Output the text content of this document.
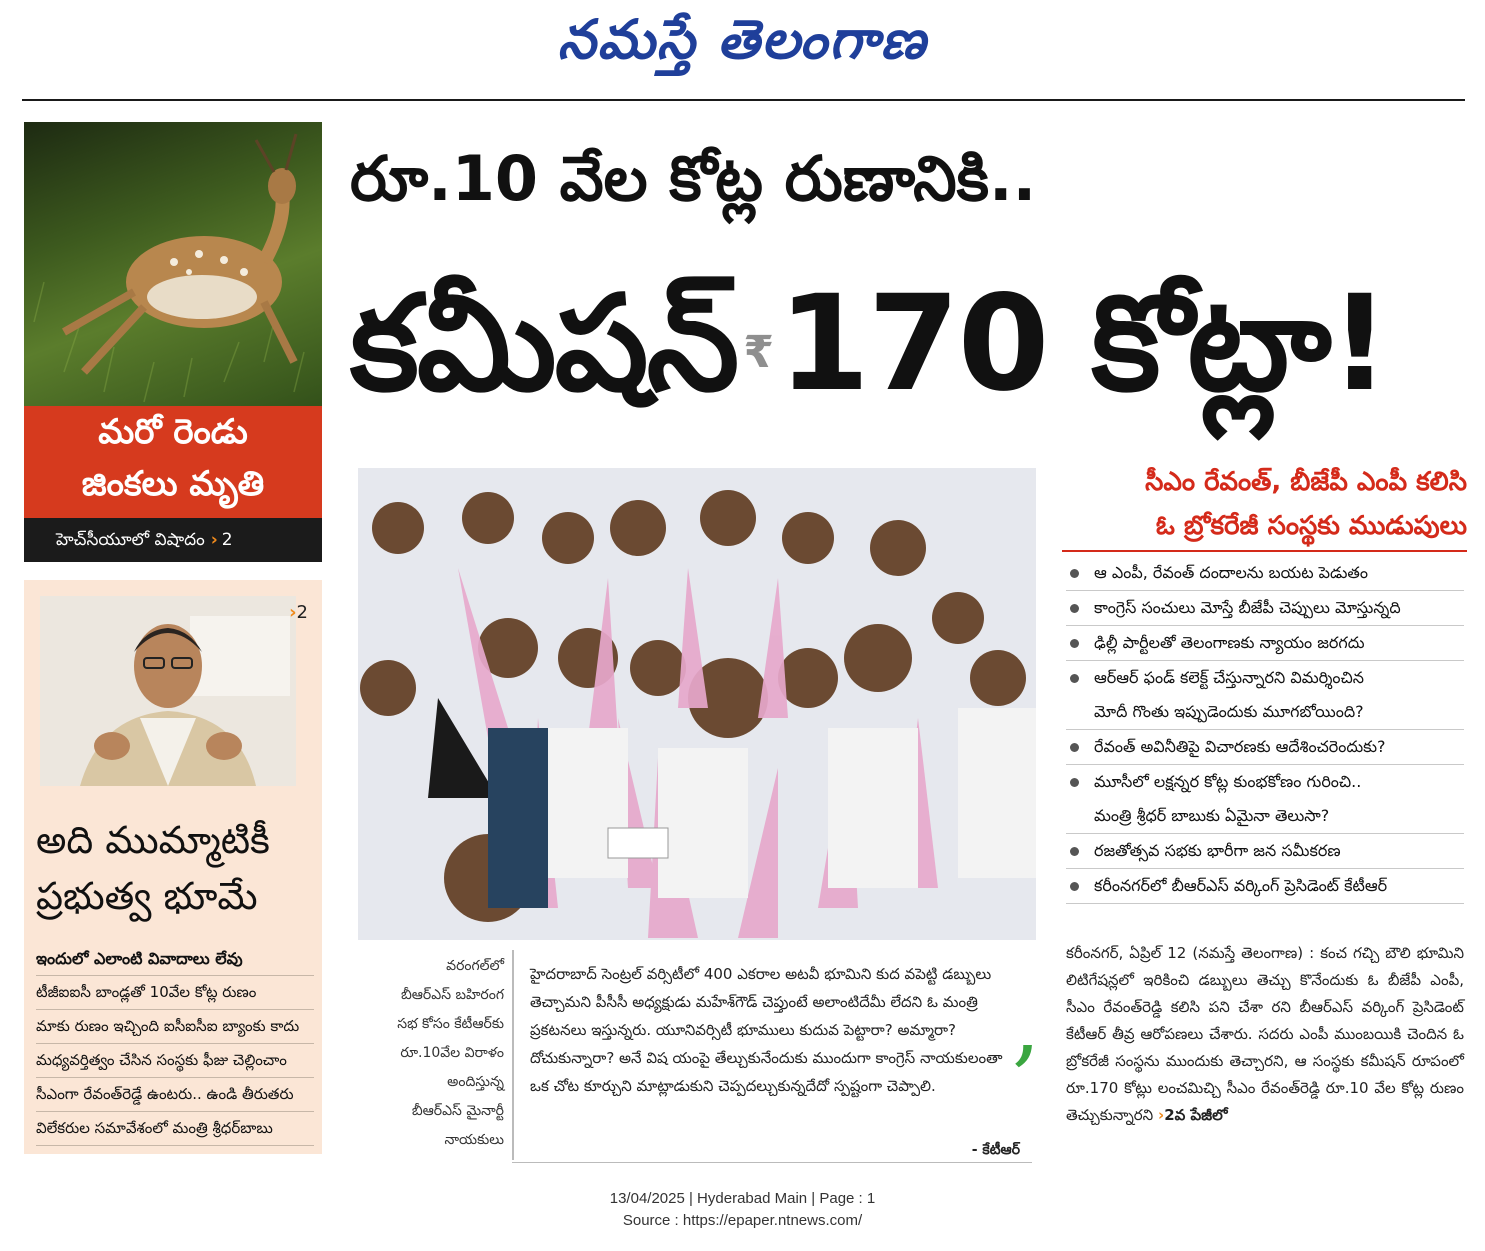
నమస్తే తెలంగాణ
మరో రెండు
జింకలు మృతి
హెచ్‌సీయూలో విషాదం › 2
›2
అది ముమ్మాటికీ
ప్రభుత్వ భూమే
ఇందులో ఎలాంటి వివాదాలు లేవు
టీజీఐఐసీ బాండ్లతో 10వేల కోట్ల రుణం
మాకు రుణం ఇచ్చింది ఐసీఐసీఐ బ్యాంకు కాదు
మధ్యవర్తిత్వం చేసిన సంస్థకు ఫీజు చెల్లించాం
సీఎంగా రేవంత్‌రెడ్డే ఉంటరు.. ఉండి తీరుతరు
విలేకరుల సమావేశంలో మంత్రి శ్రీధర్‌బాబు
రూ.10 వేల కోట్ల రుణానికి..
కమీషన్ ₹170 కోట్లా!
సీఎం రేవంత్, బీజేపీ ఎంపీ కలిసి
ఓ బ్రోకరేజీ సంస్థకు ముడుపులు
ఆ ఎంపీ, రేవంత్ దందాలను బయట పెడుతం
కాంగ్రెస్ సంచులు మోస్తే బీజేపీ చెప్పులు మోస్తున్నది
ఢిల్లీ పార్టీలతో తెలంగాణకు న్యాయం జరగదు
ఆర్‌ఆర్ ఫండ్ కలెక్ట్ చేస్తున్నారని విమర్శించిన
మోదీ గొంతు ఇప్పుడెందుకు మూగబోయింది?
రేవంత్ అవినీతిపై విచారణకు ఆదేశించరెందుకు?
మూసీలో లక్షన్నర కోట్ల కుంభకోణం గురించి..
మంత్రి శ్రీధర్ బాబుకు ఏమైనా తెలుసా?
రజతోత్సవ సభకు భారీగా జన సమీకరణ
కరీంనగర్‌లో బీఆర్‌ఎస్ వర్కింగ్ ప్రెసిడెంట్ కేటీఆర్
కరీంనగర్, ఏప్రిల్ 12 (నమస్తే తెలంగాణ) : కంచ గచ్చి బౌలి భూమిని లిటిగేషన్లలో ఇరికించి డబ్బులు తెచ్చు కొనేందుకు ఓ బీజేపీ ఎంపీ, సీఎం రేవంత్‌రెడ్డి కలిసి పని చేశా రని బీఆర్‌ఎస్ వర్కింగ్ ప్రెసిడెంట్ కేటీఆర్ తీవ్ర ఆరోపణలు చేశారు. సదరు ఎంపీ ముంబయికి చెందిన ఓ బ్రోకరేజీ సంస్థను ముందుకు తెచ్చారని, ఆ సంస్థకు కమీషన్ రూపంలో రూ.170 కోట్లు లంచమిచ్చి సీఎం రేవంత్‌రెడ్డి రూ.10 వేల కోట్ల రుణం తెచ్చుకున్నారని ›2వ పేజీలో
వరంగల్‌లో
బీఆర్‌ఎస్ బహిరంగ
సభ కోసం కేటీఆర్‌కు
రూ.10వేల విరాళం
అందిస్తున్న
బీఆర్‌ఎస్ మైనార్టీ
నాయకులు
హైదరాబాద్ సెంట్రల్ వర్సిటీలో 400 ఎకరాల అటవీ భూమిని కుద వపెట్టి డబ్బులు తెచ్చామని పీసీసీ అధ్యక్షుడు మహేశ్‌గౌడ్ చెప్తుంటే అలాంటిదేమీ లేదని ఓ మంత్రి ప్రకటనలు ఇస్తున్నరు. యూనివర్సిటీ భూములు కుదువ పెట్టారా? అమ్మారా? దోచుకున్నారా? అనే విష యంపై తేల్చుకునేందుకు ముందుగా కాంగ్రెస్ నాయకులంతా ఒక చోట కూర్చుని మాట్లాడుకుని చెప్పదల్చుకున్నదేదో స్పష్టంగా చెప్పాలి.
,
- కేటీఆర్
13/04/2025 | Hyderabad Main | Page : 1
Source : https://epaper.ntnews.com/
